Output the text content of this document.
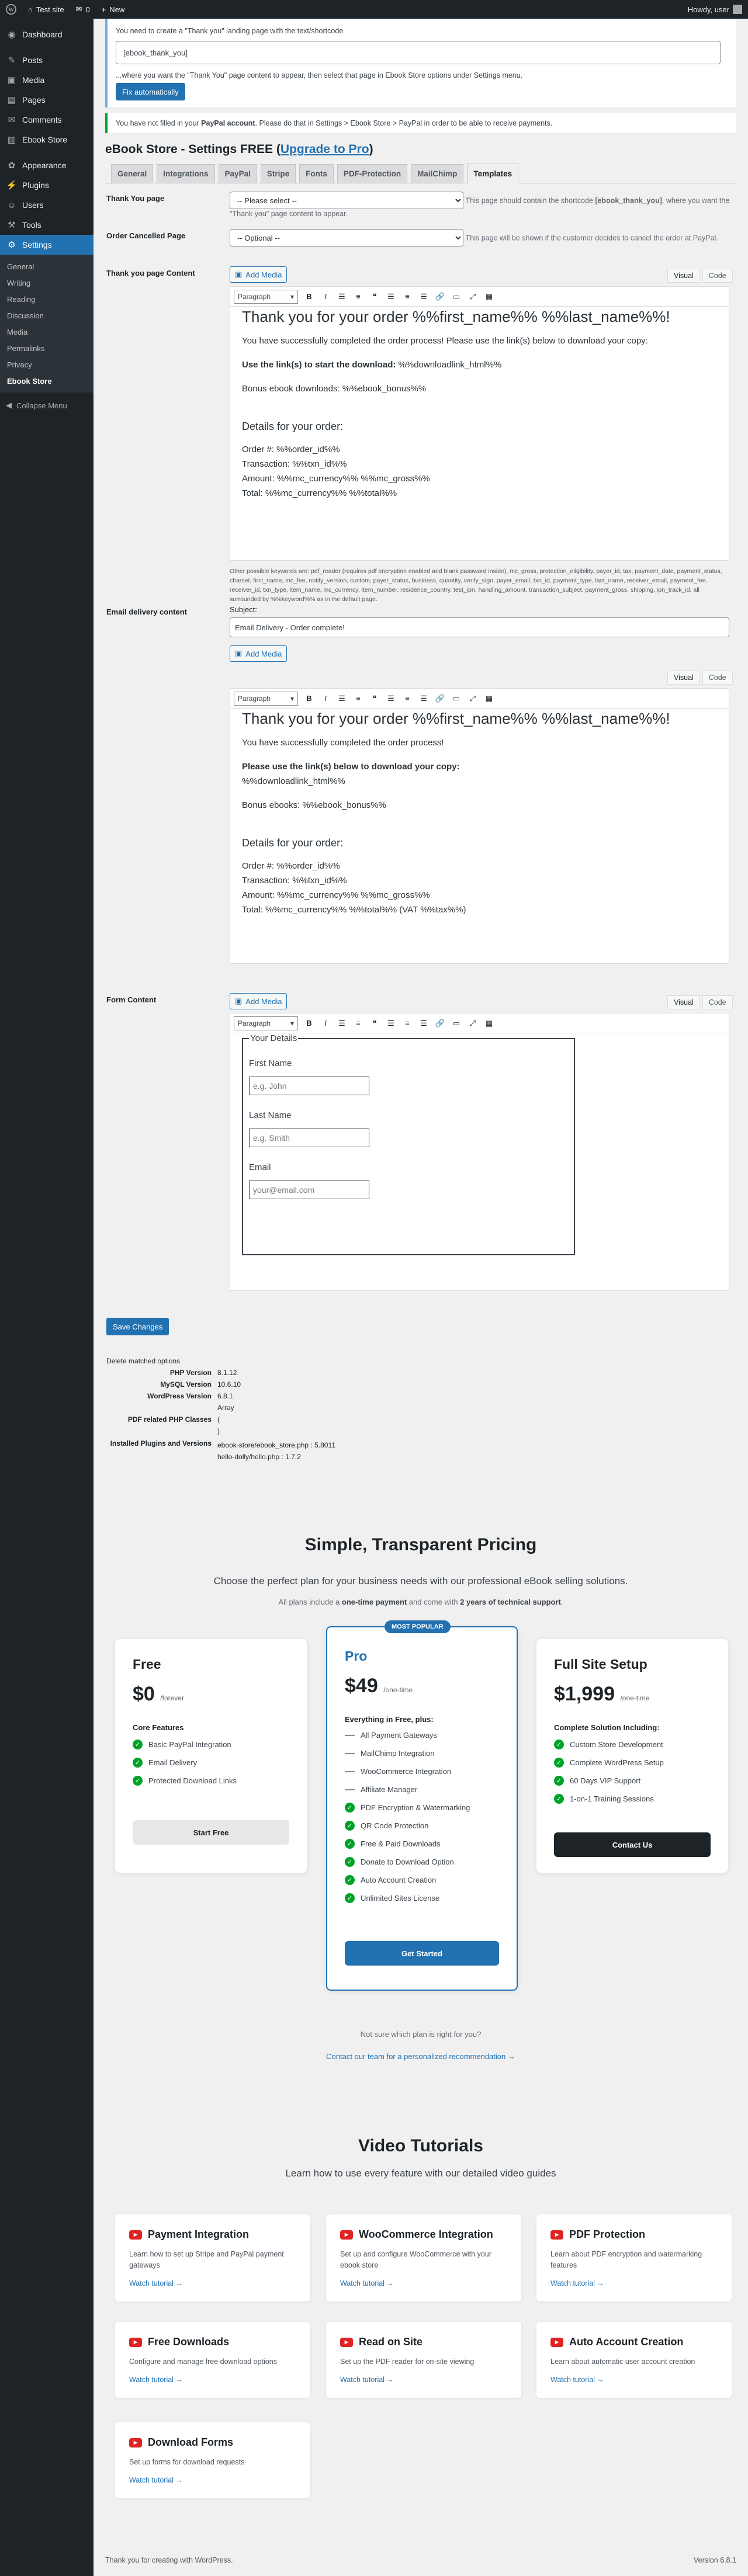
W ⌂ Test site ✉ 0 + New	Howdy, user
◉ Dashboard
✎ Posts
▣ Media
▤ Pages
✉ Comments
▥ Ebook Store
✿ Appearance
⚡ Plugins
☺ Users
⚒ Tools
⚙ Settings
General
Writing
Reading
Discussion
Media
Permalinks
Privacy
Ebook Store
◀ Collapse Menu

You need to create a "Thank you" landing page with the text/shortcode

[ebook_thank_you]

...where you want the "Thank You" page content to appear, then select that page in Ebook Store options under Settings menu.

Fix automatically

You have not filled in your PayPal account. Please do that in Settings > Ebook Store > PayPal in order to be able to receive payments.

eBook Store - Settings FREE (Upgrade to Pro)
General	Integrations	PayPal	Stripe	Fonts	PDF-Protection	MailChimp	Templates
Thank You page
-- Please select --	This page should contain the shortcode [ebook_thank_you], where you want the "Thank you" page content to appear.
Order Cancelled Page
-- Optional --	This page will be shown if the customer decides to cancel the order at PayPal.
Thank you page Content	▣ Add Media	Visual	Code
Paragraph	▾ B I ☰	≡	❝	☰	≡	☰ 🔗 ▭ ⤢ ▦
Thank you for your order %%first_name%% %%last_name%%!
You have successfully completed the order process! Please use the link(s) below to download your copy:
Use the link(s) to start the download: %%downloadlink_html%%
Bonus ebook downloads: %%ebook_bonus%%
Details for your order:
Order #: %%order_id%%
Transaction: %%txn_id%%
Amount: %%mc_currency%% %%mc_gross%%
Total: %%mc_currency%% %%total%%
Other possible keywords are: pdf_reader (requires pdf encryption enabled and blank password inside), mc_gross, protection_eligibility, payer_id, tax, payment_date, payment_status, charset, first_name, mc_fee, notify_version, custom, payer_status, business, quantity, verify_sign, payer_email, txn_id, payment_type, last_name, receiver_email, payment_fee, receiver_id, txn_type, item_name, mc_currency, item_number, residence_country, test_ipn, handling_amount, transaction_subject, payment_gross, shipping, ipn_track_id, all surrounded by %%keyword%% as in the default page.
Email delivery content	Subject:
Email Delivery - Order complete!
▣ Add Media
Visual	Code
Paragraph	▾ B I ☰	≡	❝	☰	≡	☰ 🔗 ▭ ⤢ ▦
Thank you for your order %%first_name%% %%last_name%%!
You have successfully completed the order process!
Please use the link(s) below to download your copy:
%%downloadlink_html%%
Bonus ebooks: %%ebook_bonus%%
Details for your order:
Order #: %%order_id%%
Transaction: %%txn_id%%
Amount: %%mc_currency%% %%mc_gross%%
Total: %%mc_currency%% %%total%% (VAT %%tax%%)
Form Content	▣ Add Media	Visual	Code
Paragraph	▾ B I ☰	≡	❝	☰	≡	☰ 🔗 ▭ ⤢ ▦
Your Details
First Name
e.g. John
Last Name
e.g. Smith
Email
your@email.com
Save Changes
Delete matched options
PHP Version 8.1.12
MySQL Version 10.6.10
WordPress Version 6.8.1
Array
PDF related PHP Classes (
)
Installed Plugins and Versions ebook-store/ebook_store.php : 5.8011
hello-dolly/hello.php : 1.7.2
Simple, Transparent Pricing
Choose the perfect plan for your business needs with our professional eBook selling solutions.
All plans include a one-time payment and come with 2 years of technical support.
Free
$0 /forever
Core Features
✓ Basic PayPal Integration
✓ Email Delivery
✓ Protected Download Links
Start Free
MOST POPULAR
Pro
$49 /one-time
Everything in Free, plus:
All Payment Gateways
MailChimp Integration
WooCommerce Integration
Affiliate Manager
✓ PDF Encryption & Watermarking
✓ QR Code Protection
✓ Free & Paid Downloads
✓ Donate to Download Option
✓ Auto Account Creation
✓ Unlimited Sites License
Get Started
Full Site Setup
$1,999 /one-time
Complete Solution Including:
✓ Custom Store Development
✓ Complete WordPress Setup
✓ 60 Days VIP Support
✓ 1-on-1 Training Sessions
Contact Us
Not sure which plan is right for you?
Contact our team for a personalized recommendation →
Video Tutorials
Learn how to use every feature with our detailed video guides
▶ Payment Integration

Learn how to set up Stripe and PayPal payment gateways

Watch tutorial →
▶ WooCommerce Integration

Set up and configure WooCommerce with your ebook store

Watch tutorial →
▶ PDF Protection

Learn about PDF encryption and watermarking features

Watch tutorial →
▶ Free Downloads

Configure and manage free download options

Watch tutorial →
▶ Read on Site

Set up the PDF reader for on-site viewing

Watch tutorial →
▶ Auto Account Creation

Learn about automatic user account creation

Watch tutorial →
▶ Download Forms

Set up forms for download requests

Watch tutorial →
Thank you for creating with WordPress.	Version 6.8.1
